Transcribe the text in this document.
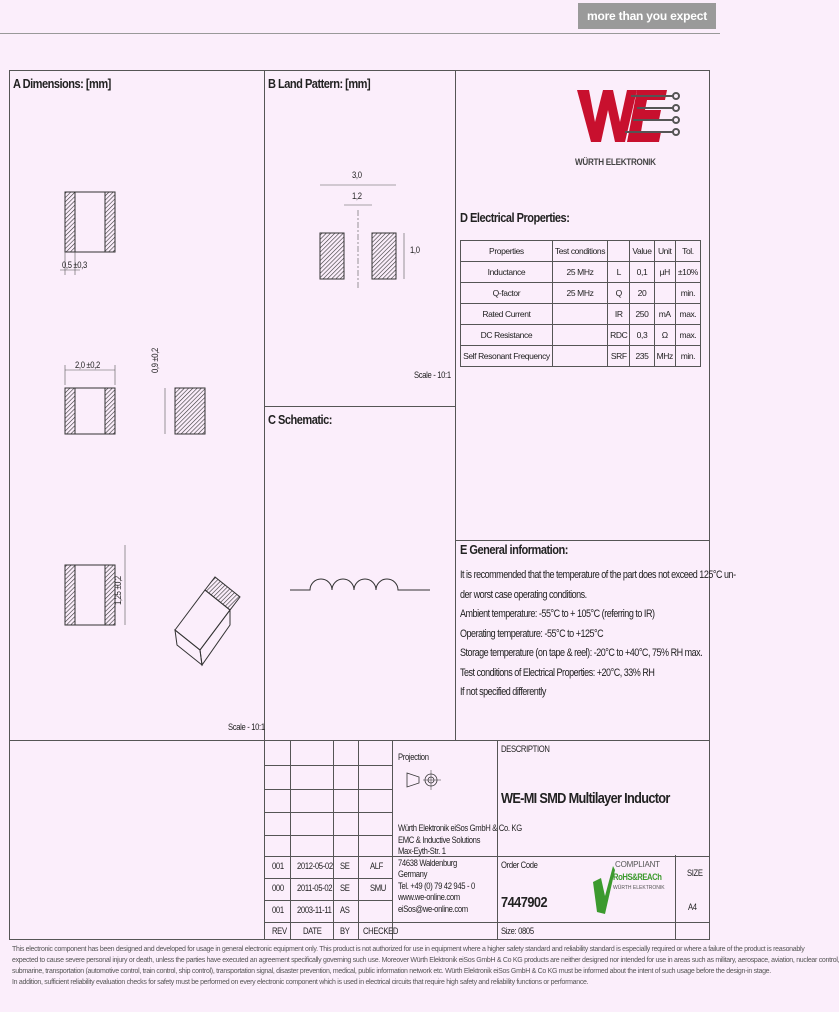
more than you expect
A Dimensions: [mm]	B Land Pattern: [mm]
C Schematic:
D Electrical Properties:
E General information:
WÜRTH ELEKTRONIK
0,5 ±0,3
2,0 ±0,2	0,9 ±0,2
1,25 ±0,2
Scale - 10:1
3,0
1,2
1,0
Scale - 10:1
Properties	Test conditions		Value	Unit	Tol.
Inductance	25 MHz	L	0,1	µH	±10%
Q-factor	25 MHz	Q	20		min.
Rated Current		IR	250	mA	max.
DC Resistance		RDC	0,3	Ω	max.
Self Resonant Frequency		SRF	235	MHz	min.
It is recommended that the temperature of the part does not exceed 125°C un-
der worst case operating conditions.
Ambient temperature: -55°C to + 105°C (referring to IR)
Operating temperature: -55°C to +125°C
Storage temperature (on tape & reel): -20°C to +40°C, 75% RH max.
Test conditions of Electrical Properties: +20°C, 33% RH
If not specified differently
001 2012-05-02 SE ALF
000 2011-05-02 SE SMU
001 2003-11-11 AS
REV DATE BY CHECKED
Projection
Würth Elektronik eiSos GmbH & Co. KG
EMC & Inductive Solutions
Max-Eyth-Str. 1
74638 Waldenburg
Germany
Tel. +49 (0) 79 42 945 - 0
www.we-online.com
eiSos@we-online.com
DESCRIPTION
WE-MI SMD Multilayer Inductor
Order Code
7447902
Size: 0805
SIZE
A4
COMPLIANT
RoHS&REACh
WÜRTH ELEKTRONIK
This electronic component has been designed and developed for usage in general electronic equipment only. This product is not authorized for use in equipment where a higher safety standard and reliability standard is especially required or where a failure of the product is reasonably
expected to cause severe personal injury or death, unless the parties have executed an agreement specifically governing such use. Moreover Würth Elektronik eiSos GmbH & Co KG products are neither designed nor intended for use in areas such as military, aerospace, aviation, nuclear control,
submarine, transportation (automotive control, train control, ship control), transportation signal, disaster prevention, medical, public information network etc. Würth Elektronik eiSos GmbH & Co KG must be informed about the intent of such usage before the design-in stage.
In addition, sufficient reliability evaluation checks for safety must be performed on every electronic component which is used in electrical circuits that require high safety and reliability functions or performance.
